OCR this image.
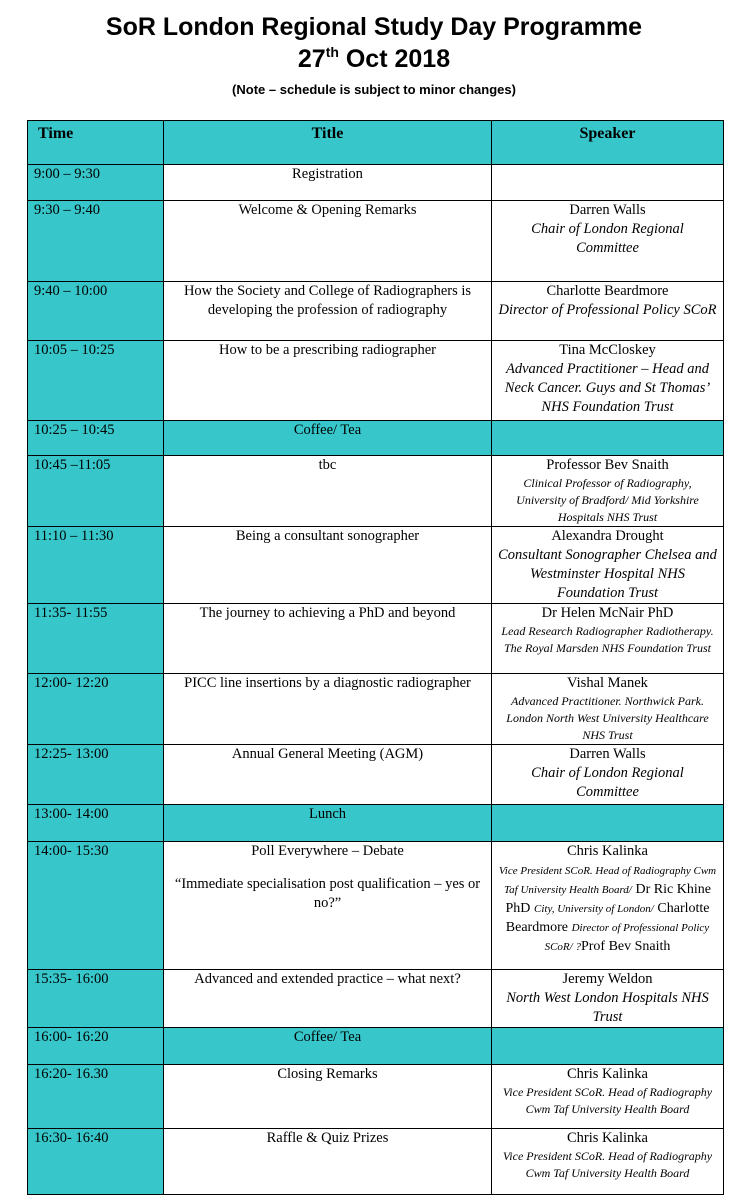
SoR London Regional Study Day Programme
27th Oct 2018
(Note – schedule is subject to minor changes)
Time	Title	Speaker
9:00 – 9:30	Registration	
9:30 – 9:40	Welcome & Opening Remarks	Darren Walls
Chair of London Regional Committee

9:40 – 10:00	How the Society and College of Radiographers is developing the profession of radiography	Charlotte Beardmore
Director of Professional Policy SCoR

10:05 – 10:25	How to be a prescribing radiographer	Tina McCloskey
Advanced Practitioner – Head and Neck Cancer. Guys and St Thomas’ NHS Foundation Trust

10:25 – 10:45	Coffee/ Tea	
10:45 –11:05	tbc	Professor Bev Snaith
Clinical Professor of Radiography, University of Bradford/ Mid Yorkshire Hospitals NHS Trust

11:10 – 11:30	Being a consultant sonographer	Alexandra Drought
Consultant Sonographer Chelsea and Westminster Hospital NHS Foundation Trust

11:35- 11:55	The journey to achieving a PhD and beyond	Dr Helen McNair PhD
Lead Research Radiographer Radiotherapy. The Royal Marsden NHS Foundation Trust

12:00- 12:20	PICC line insertions by a diagnostic radiographer	Vishal Manek
Advanced Practitioner. Northwick Park. London North West University Healthcare NHS Trust

12:25- 13:00	Annual General Meeting (AGM)	Darren Walls
Chair of London Regional Committee

13:00- 14:00	Lunch	
14:00- 15:30	Poll Everywhere – Debate
“Immediate specialisation post qualification – yes or no?”	Chris Kalinka
Vice President SCoR. Head of Radiography Cwm Taf University Health Board/ Dr Ric Khine PhD City, University of London/ Charlotte Beardmore Director of Professional Policy SCoR/ ?Prof Bev Snaith
15:35- 16:00	Advanced and extended practice – what next?	Jeremy Weldon
North West London Hospitals NHS Trust

16:00- 16:20	Coffee/ Tea	
16:20- 16.30	Closing Remarks	Chris Kalinka
Vice President SCoR. Head of Radiography Cwm Taf University Health Board

16:30- 16:40	Raffle & Quiz Prizes	Chris Kalinka
Vice President SCoR. Head of Radiography Cwm Taf University Health Board
